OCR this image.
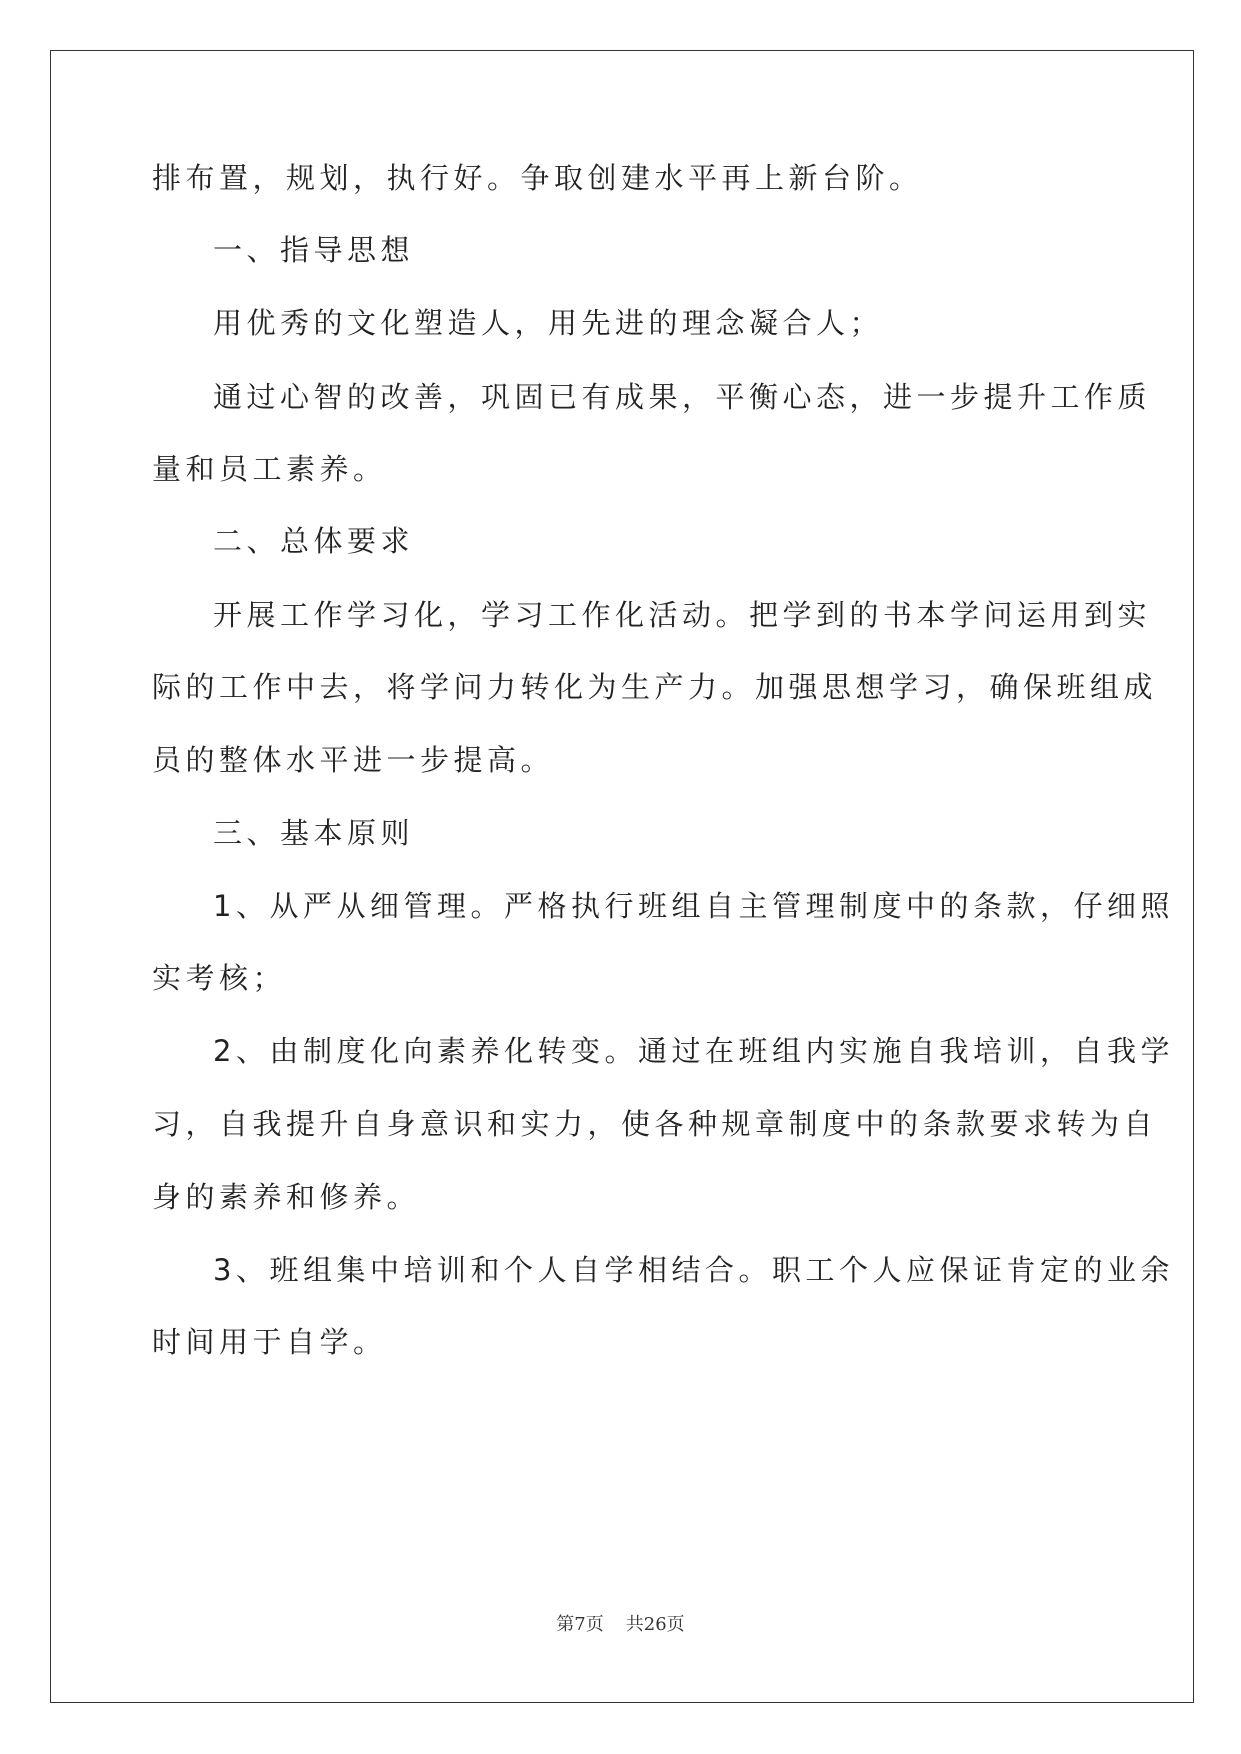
排布置，规划，执行好。争取创建水平再上新台阶。
一、指导思想
用优秀的文化塑造人，用先进的理念凝合人；
通过心智的改善，巩固已有成果，平衡心态，进一步提升工作质
量和员工素养。
二、总体要求
开展工作学习化，学习工作化活动。把学到的书本学问运用到实
际的工作中去，将学问力转化为生产力。加强思想学习，确保班组成
员的整体水平进一步提高。
三、基本原则
1、从严从细管理。严格执行班组自主管理制度中的条款，仔细照
实考核；
2、由制度化向素养化转变。通过在班组内实施自我培训，自我学
习，自我提升自身意识和实力，使各种规章制度中的条款要求转为自
身的素养和修养。
3、班组集中培训和个人自学相结合。职工个人应保证肯定的业余
时间用于自学。
第7页 共26页
